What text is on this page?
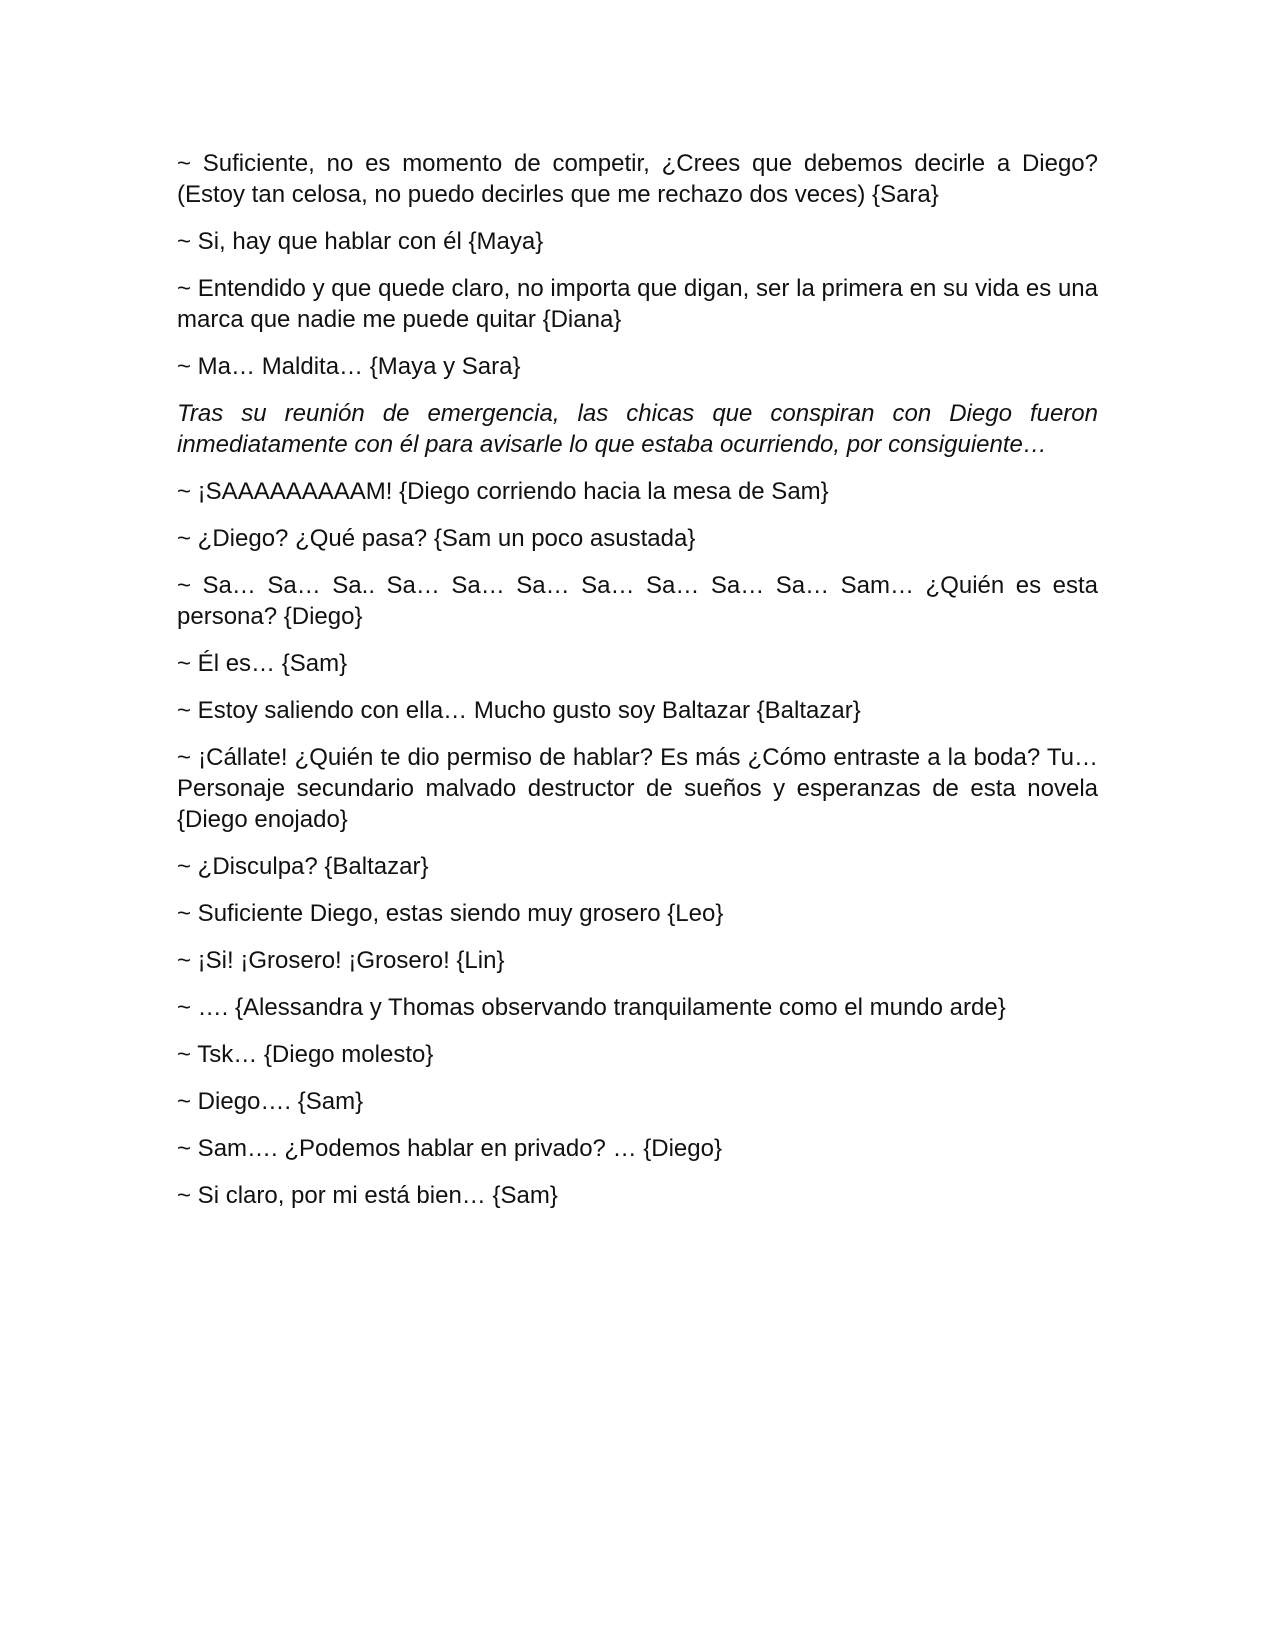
~ Suficiente, no es momento de competir, ¿Crees que debemos decirle a Diego? (Estoy tan celosa, no puedo decirles que me rechazo dos veces) {Sara}

~ Si, hay que hablar con él {Maya}

~ Entendido y que quede claro, no importa que digan, ser la primera en su vida es una marca que nadie me puede quitar {Diana}

~ Ma… Maldita… {Maya y Sara}

Tras su reunión de emergencia, las chicas que conspiran con Diego fueron inmediatamente con él para avisarle lo que estaba ocurriendo, por consiguiente…

~ ¡SAAAAAAAAAM! {Diego corriendo hacia la mesa de Sam}

~ ¿Diego? ¿Qué pasa? {Sam un poco asustada}

~ Sa… Sa… Sa.. Sa… Sa… Sa… Sa… Sa… Sa… Sa… Sam… ¿Quién es esta persona? {Diego}

~ Él es… {Sam}

~ Estoy saliendo con ella… Mucho gusto soy Baltazar {Baltazar}

~ ¡Cállate! ¿Quién te dio permiso de hablar? Es más ¿Cómo entraste a la boda? Tu… Personaje secundario malvado destructor de sueños y esperanzas de esta novela {Diego enojado}

~ ¿Disculpa? {Baltazar}

~ Suficiente Diego, estas siendo muy grosero {Leo}

~ ¡Si! ¡Grosero! ¡Grosero! {Lin}

~ …. {Alessandra y Thomas observando tranquilamente como el mundo arde}

~ Tsk… {Diego molesto}

~ Diego…. {Sam}

~ Sam…. ¿Podemos hablar en privado? … {Diego}

~ Si claro, por mi está bien… {Sam}
